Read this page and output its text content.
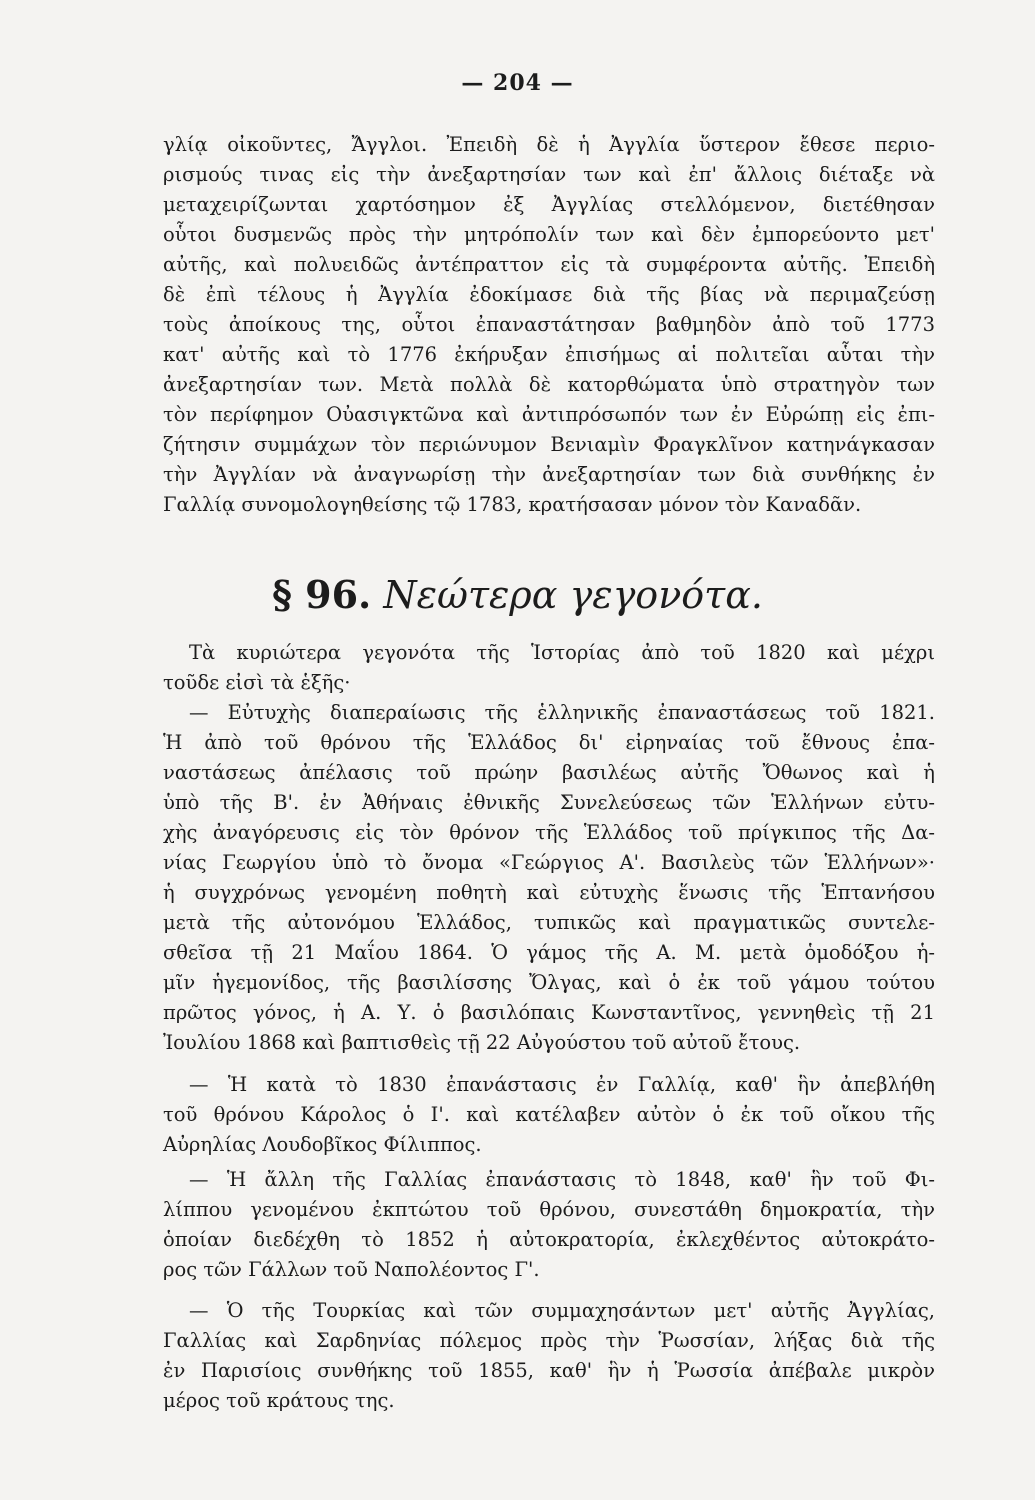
— 204 —
γλίᾳ οἰκοῦντες, Ἄγγλοι. Ἐπειδὴ δὲ ἡ Ἀγγλία ὕστερον ἔθεσε περιο-
ρισμούς τινας εἰς τὴν ἀνεξαρτησίαν των καὶ ἐπ' ἄλλοις διέταξε νὰ
μεταχειρίζωνται χαρτόσημον ἐξ Ἀγγλίας στελλόμενον, διετέθησαν
οὗτοι δυσμενῶς πρὸς τὴν μητρόπολίν των καὶ δὲν ἐμπορεύοντο μετ'
αὐτῆς, καὶ πολυειδῶς ἀντέπραττον εἰς τὰ συμφέροντα αὐτῆς. Ἐπειδὴ
δὲ ἐπὶ τέλους ἡ Ἀγγλία ἐδοκίμασε διὰ τῆς βίας νὰ περιμαζεύσῃ
τοὺς ἀποίκους της, οὗτοι ἐπαναστάτησαν βαθμηδὸν ἀπὸ τοῦ 1773
κατ' αὐτῆς καὶ τὸ 1776 ἐκήρυξαν ἐπισήμως αἱ πολιτεῖαι αὗται τὴν
ἀνεξαρτησίαν των. Μετὰ πολλὰ δὲ κατορθώματα ὑπὸ στρατηγὸν των
τὸν περίφημον Οὐασιγκτῶνα καὶ ἀντιπρόσωπόν των ἐν Εὐρώπῃ εἰς ἐπι-
ζήτησιν συμμάχων τὸν περιώνυμον Βενιαμὶν Φραγκλῖνον κατηνάγκασαν
τὴν Ἀγγλίαν νὰ ἀναγνωρίσῃ τὴν ἀνεξαρτησίαν των διὰ συνθήκης ἐν
Γαλλίᾳ συνομολογηθείσης τῷ 1783, κρατήσασαν μόνον τὸν Καναδᾶν.
§ 96. Νεώτερα γεγονότα.
Τὰ κυριώτερα γεγονότα τῆς Ἱστορίας ἀπὸ τοῦ 1820 καὶ μέχρι
τοῦδε εἰσὶ τὰ ἑξῆς·
— Εὐτυχὴς διαπεραίωσις τῆς ἑλληνικῆς ἐπαναστάσεως τοῦ 1821.
Ἡ ἀπὸ τοῦ θρόνου τῆς Ἑλλάδος δι' εἰρηναίας τοῦ ἔθνους ἐπα-
ναστάσεως ἀπέλασις τοῦ πρώην βασιλέως αὐτῆς Ὄθωνος καὶ ἡ
ὑπὸ τῆς Β'. ἐν Ἀθήναις ἐθνικῆς Συνελεύσεως τῶν Ἑλλήνων εὐτυ-
χὴς ἀναγόρευσις εἰς τὸν θρόνον τῆς Ἑλλάδος τοῦ πρίγκιπος τῆς Δα-
νίας Γεωργίου ὑπὸ τὸ ὄνομα «Γεώργιος Α'. Βασιλεὺς τῶν Ἑλλήνων»·
ἡ συγχρόνως γενομένη ποθητὴ καὶ εὐτυχὴς ἕνωσις τῆς Ἑπτανήσου
μετὰ τῆς αὐτονόμου Ἑλλάδος, τυπικῶς καὶ πραγματικῶς συντελε-
σθεῖσα τῇ 21 Μαΐου 1864. Ὁ γάμος τῆς Α. Μ. μετὰ ὁμοδόξου ἡ-
μῖν ἡγεμονίδος, τῆς βασιλίσσης Ὄλγας, καὶ ὁ ἐκ τοῦ γάμου τούτου
πρῶτος γόνος, ἡ Α. Υ. ὁ βασιλόπαις Κωνσταντῖνος, γεννηθεὶς τῇ 21
Ἰουλίου 1868 καὶ βαπτισθεὶς τῇ 22 Αὐγούστου τοῦ αὐτοῦ ἔτους.
— Ἡ κατὰ τὸ 1830 ἐπανάστασις ἐν Γαλλίᾳ, καθ' ἣν ἀπεβλήθη
τοῦ θρόνου Κάρολος ὁ Ι'. καὶ κατέλαβεν αὐτὸν ὁ ἐκ τοῦ οἴκου τῆς
Αὐρηλίας Λουδοβῖκος Φίλιππος.
— Ἡ ἄλλη τῆς Γαλλίας ἐπανάστασις τὸ 1848, καθ' ἣν τοῦ Φι-
λίππου γενομένου ἐκπτώτου τοῦ θρόνου, συνεστάθη δημοκρατία, τὴν
ὁποίαν διεδέχθη τὸ 1852 ἡ αὐτοκρατορία, ἐκλεχθέντος αὐτοκράτο-
ρος τῶν Γάλλων τοῦ Ναπολέοντος Γ'.
— Ὁ τῆς Τουρκίας καὶ τῶν συμμαχησάντων μετ' αὐτῆς Ἀγγλίας,
Γαλλίας καὶ Σαρδηνίας πόλεμος πρὸς τὴν Ῥωσσίαν, λήξας διὰ τῆς
ἐν Παρισίοις συνθήκης τοῦ 1855, καθ' ἣν ἡ Ῥωσσία ἀπέβαλε μικρὸν
μέρος τοῦ κράτους της.
